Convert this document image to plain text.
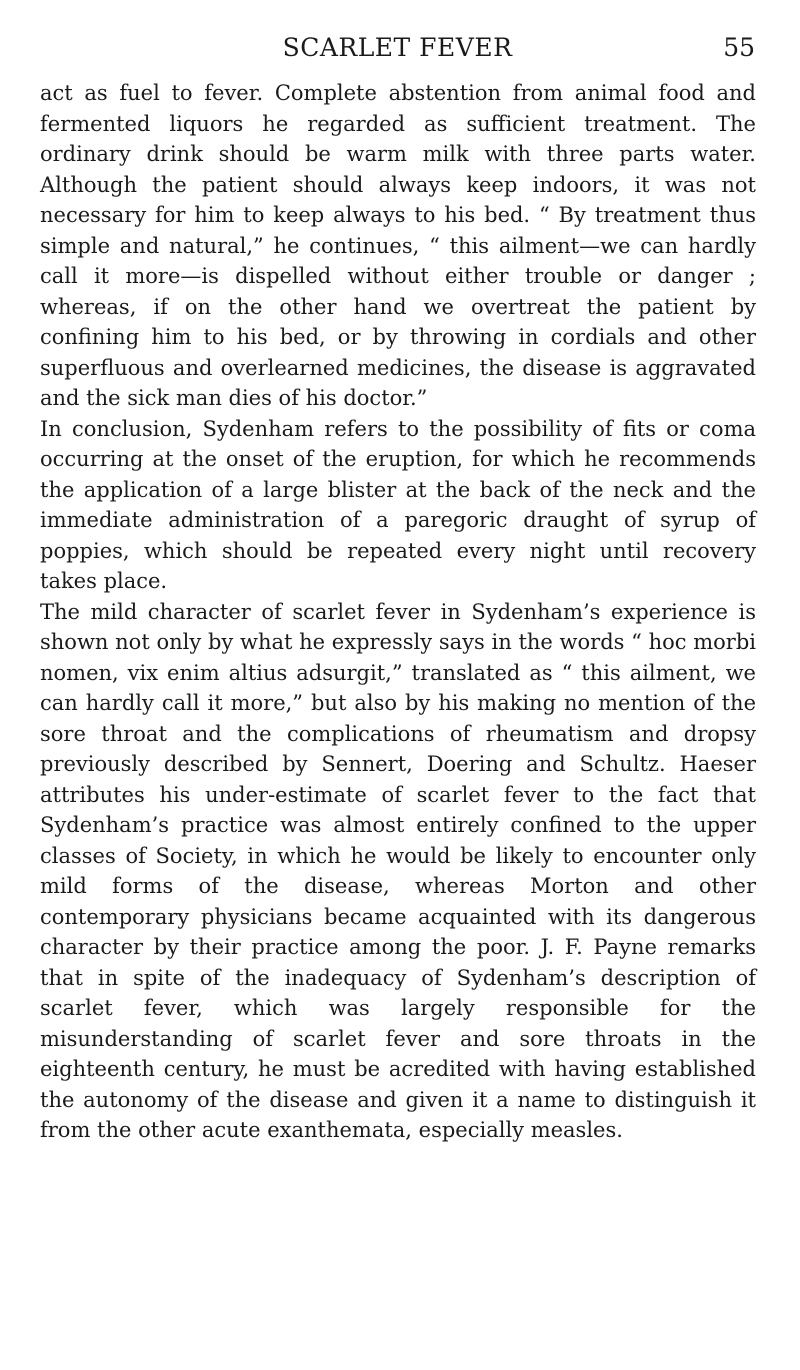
SCARLET FEVER	55

act as fuel to fever. Complete abstention from animal food and fermented liquors he regarded as sufficient treatment. The ordinary drink should be warm milk with three parts water. Although the patient should always keep indoors, it was not necessary for him to keep always to his bed. “ By treatment thus simple and natural,” he continues, “ this ailment—we can hardly call it more—is dispelled without either trouble or danger ; whereas, if on the other hand we overtreat the patient by confining him to his bed, or by throwing in cordials and other superfluous and overlearned medicines, the disease is aggravated and the sick man dies of his doctor.”

In conclusion, Sydenham refers to the possibility of fits or coma occurring at the onset of the eruption, for which he recommends the application of a large blister at the back of the neck and the immediate administration of a paregoric draught of syrup of poppies, which should be repeated every night until recovery takes place.

The mild character of scarlet fever in Sydenham’s experience is shown not only by what he expressly says in the words “ hoc morbi nomen, vix enim altius adsurgit,” translated as “ this ailment, we can hardly call it more,” but also by his making no mention of the sore throat and the complications of rheumatism and dropsy previously described by Sennert, Doering and Schultz. Haeser attributes his under-estimate of scarlet fever to the fact that Sydenham’s practice was almost entirely confined to the upper classes of Society, in which he would be likely to encounter only mild forms of the disease, whereas Morton and other contemporary physicians became acquainted with its dangerous character by their practice among the poor. J. F. Payne remarks that in spite of the inadequacy of Sydenham’s description of scarlet fever, which was largely responsible for the misunderstanding of scarlet fever and sore throats in the eighteenth century, he must be acredited with having established the autonomy of the disease and given it a name to distinguish it from the other acute exanthemata, especially measles.
